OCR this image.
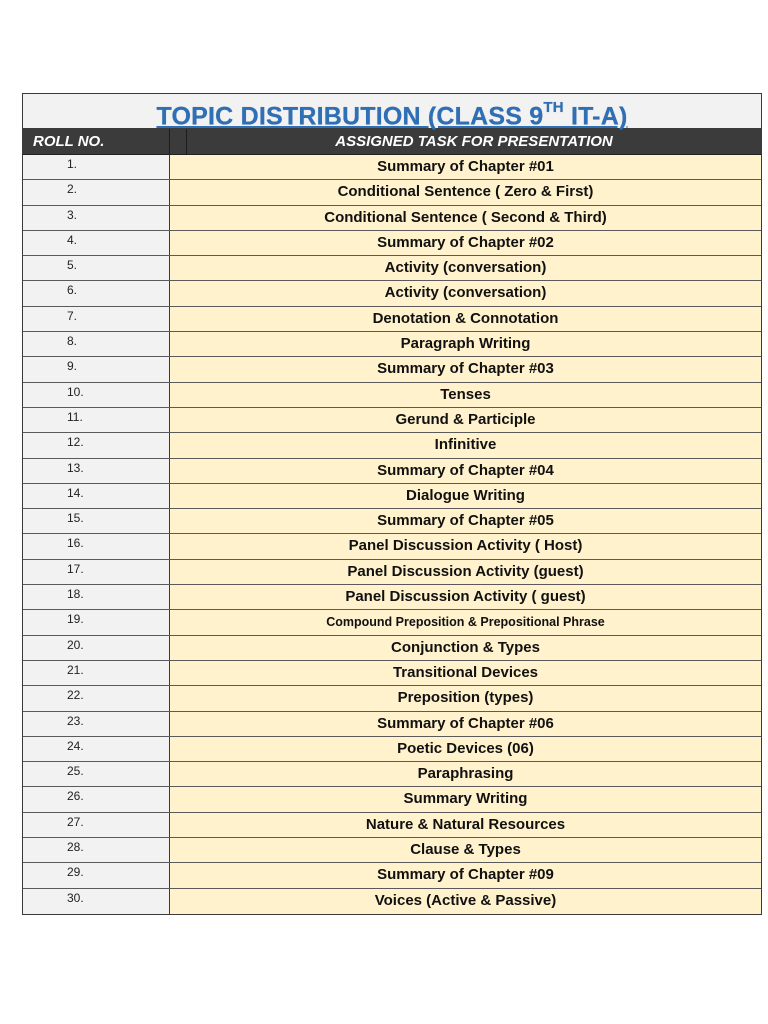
TOPIC DISTRIBUTION (CLASS 9TH IT-A)
ROLL NO.	ASSIGNED TASK FOR PRESENTATION
1.	Summary of Chapter #01
2.	Conditional Sentence ( Zero & First)
3.	Conditional Sentence ( Second & Third)
4.	Summary of Chapter #02
5.	Activity (conversation)
6.	Activity (conversation)
7.	Denotation & Connotation
8.	Paragraph Writing
9.	Summary of Chapter #03
10.	Tenses
11.	Gerund & Participle
12.	Infinitive
13.	Summary of Chapter #04
14.	Dialogue Writing
15.	Summary of Chapter #05
16.	Panel Discussion Activity ( Host)
17.	Panel Discussion Activity (guest)
18.	Panel Discussion Activity ( guest)
19.	Compound Preposition & Prepositional Phrase
20.	Conjunction & Types
21.	Transitional Devices
22.	Preposition (types)
23.	Summary of Chapter #06
24.	Poetic Devices (06)
25.	Paraphrasing
26.	Summary Writing
27.	Nature & Natural Resources
28.	Clause & Types
29.	Summary of Chapter #09
30.	Voices (Active & Passive)
